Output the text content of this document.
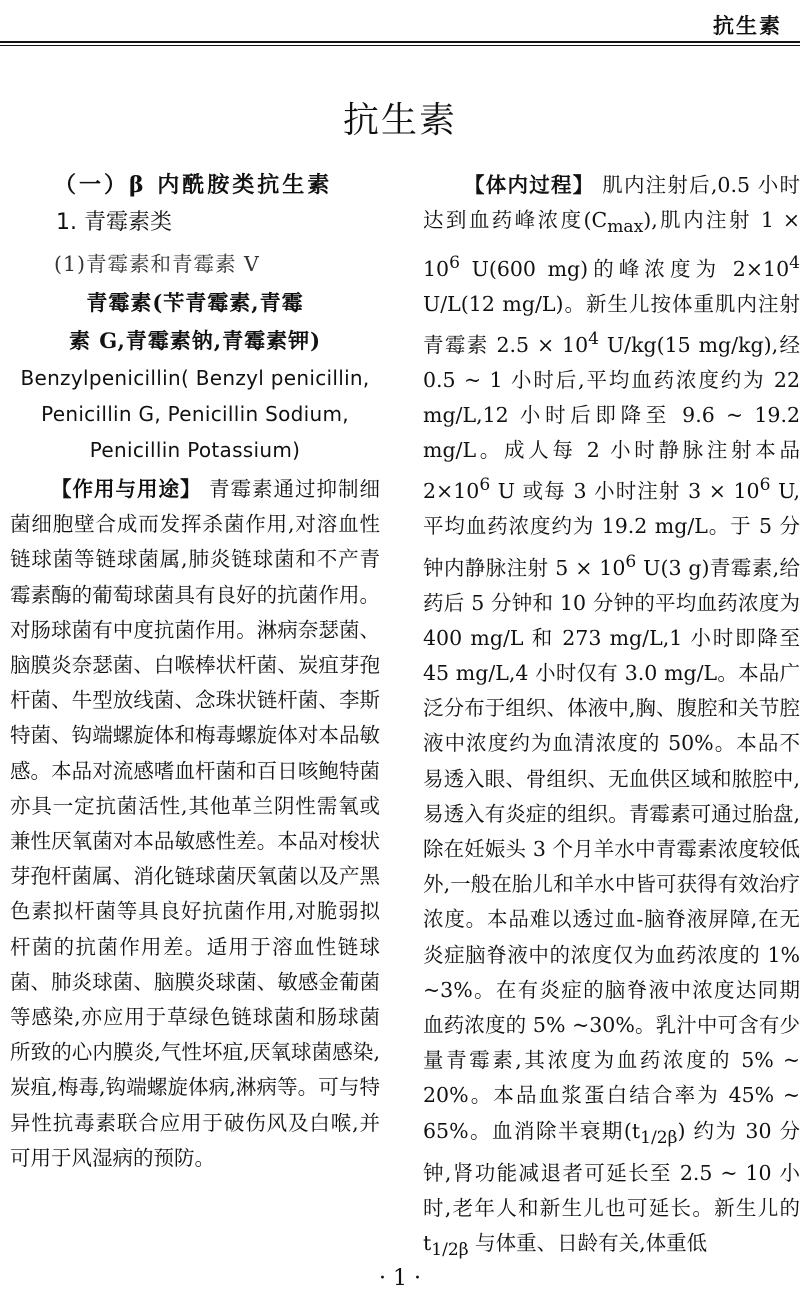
抗生素
抗生素

（一）β 内酰胺类抗生素

1. 青霉素类

(1)青霉素和青霉素 V

青霉素(苄青霉素,青霉

素 G,青霉素钠,青霉素钾)

Benzylpenicillin( Benzyl penicillin,

Penicillin G, Penicillin Sodium,

Penicillin Potassium)

【作用与用途】 青霉素通过抑制细菌细胞壁合成而发挥杀菌作用,对溶血性链球菌等链球菌属,肺炎链球菌和不产青霉素酶的葡萄球菌具有良好的抗菌作用。对肠球菌有中度抗菌作用。淋病奈瑟菌、脑膜炎奈瑟菌、白喉棒状杆菌、炭疽芽孢杆菌、牛型放线菌、念珠状链杆菌、李斯特菌、钩端螺旋体和梅毒螺旋体对本品敏感。本品对流感嗜血杆菌和百日咳鲍特菌亦具一定抗菌活性,其他革兰阴性需氧或兼性厌氧菌对本品敏感性差。本品对梭状芽孢杆菌属、消化链球菌厌氧菌以及产黑色素拟杆菌等具良好抗菌作用,对脆弱拟杆菌的抗菌作用差。适用于溶血性链球菌、肺炎球菌、脑膜炎球菌、敏感金葡菌等感染,亦应用于草绿色链球菌和肠球菌所致的心内膜炎,气性坏疽,厌氧球菌感染,炭疽,梅毒,钩端螺旋体病,淋病等。可与特异性抗毒素联合应用于破伤风及白喉,并可用于风湿病的预防。

【体内过程】 肌内注射后,0.5 小时达到血药峰浓度$(C_{max})$,肌内注射 $1 \times 10^6$ U(600 mg)的峰浓度为 $2\times 10^4$ U/L(12 mg/L)。新生儿按体重肌内注射青霉素 $2.5 \times 10^4$ U/kg(15 mg/kg),经 0.5 ~ 1 小时后,平均血药浓度约为 22 mg/L,12 小时后即降至 9.6 ~ 19.2 mg/L。成人每 2 小时静脉注射本品 $2\times 10^6$ U 或每 3 小时注射 $3 \times 10^6$ U,平均血药浓度约为 19.2 mg/L。于 5 分钟内静脉注射 $5 \times 10^6$ U(3 g)青霉素,给药后 5 分钟和 10 分钟的平均血药浓度为 400 mg/L 和 273 mg/L,1 小时即降至 45 mg/L,4 小时仅有 3.0 mg/L。本品广泛分布于组织、体液中,胸、腹腔和关节腔液中浓度约为血清浓度的 50%。本品不易透入眼、骨组织、无血供区域和脓腔中,易透入有炎症的组织。青霉素可通过胎盘,除在妊娠头 3 个月羊水中青霉素浓度较低外,一般在胎儿和羊水中皆可获得有效治疗浓度。本品难以透过血-脑脊液屏障,在无炎症脑脊液中的浓度仅为血药浓度的 1% ~3%。在有炎症的脑脊液中浓度达同期血药浓度的 5% ~30%。乳汁中可含有少量青霉素,其浓度为血药浓度的 5% ~ 20%。本品血浆蛋白结合率为 45% ~ 65%。血消除半衰期$(t_{1/2\beta})$ 约为 30 分钟,肾功能减退者可延长至 2.5 ~ 10 小时,老年人和新生儿也可延长。新生儿的 $t_{1/2\beta}$ 与体重、日龄有关,体重低

· 1 ·
